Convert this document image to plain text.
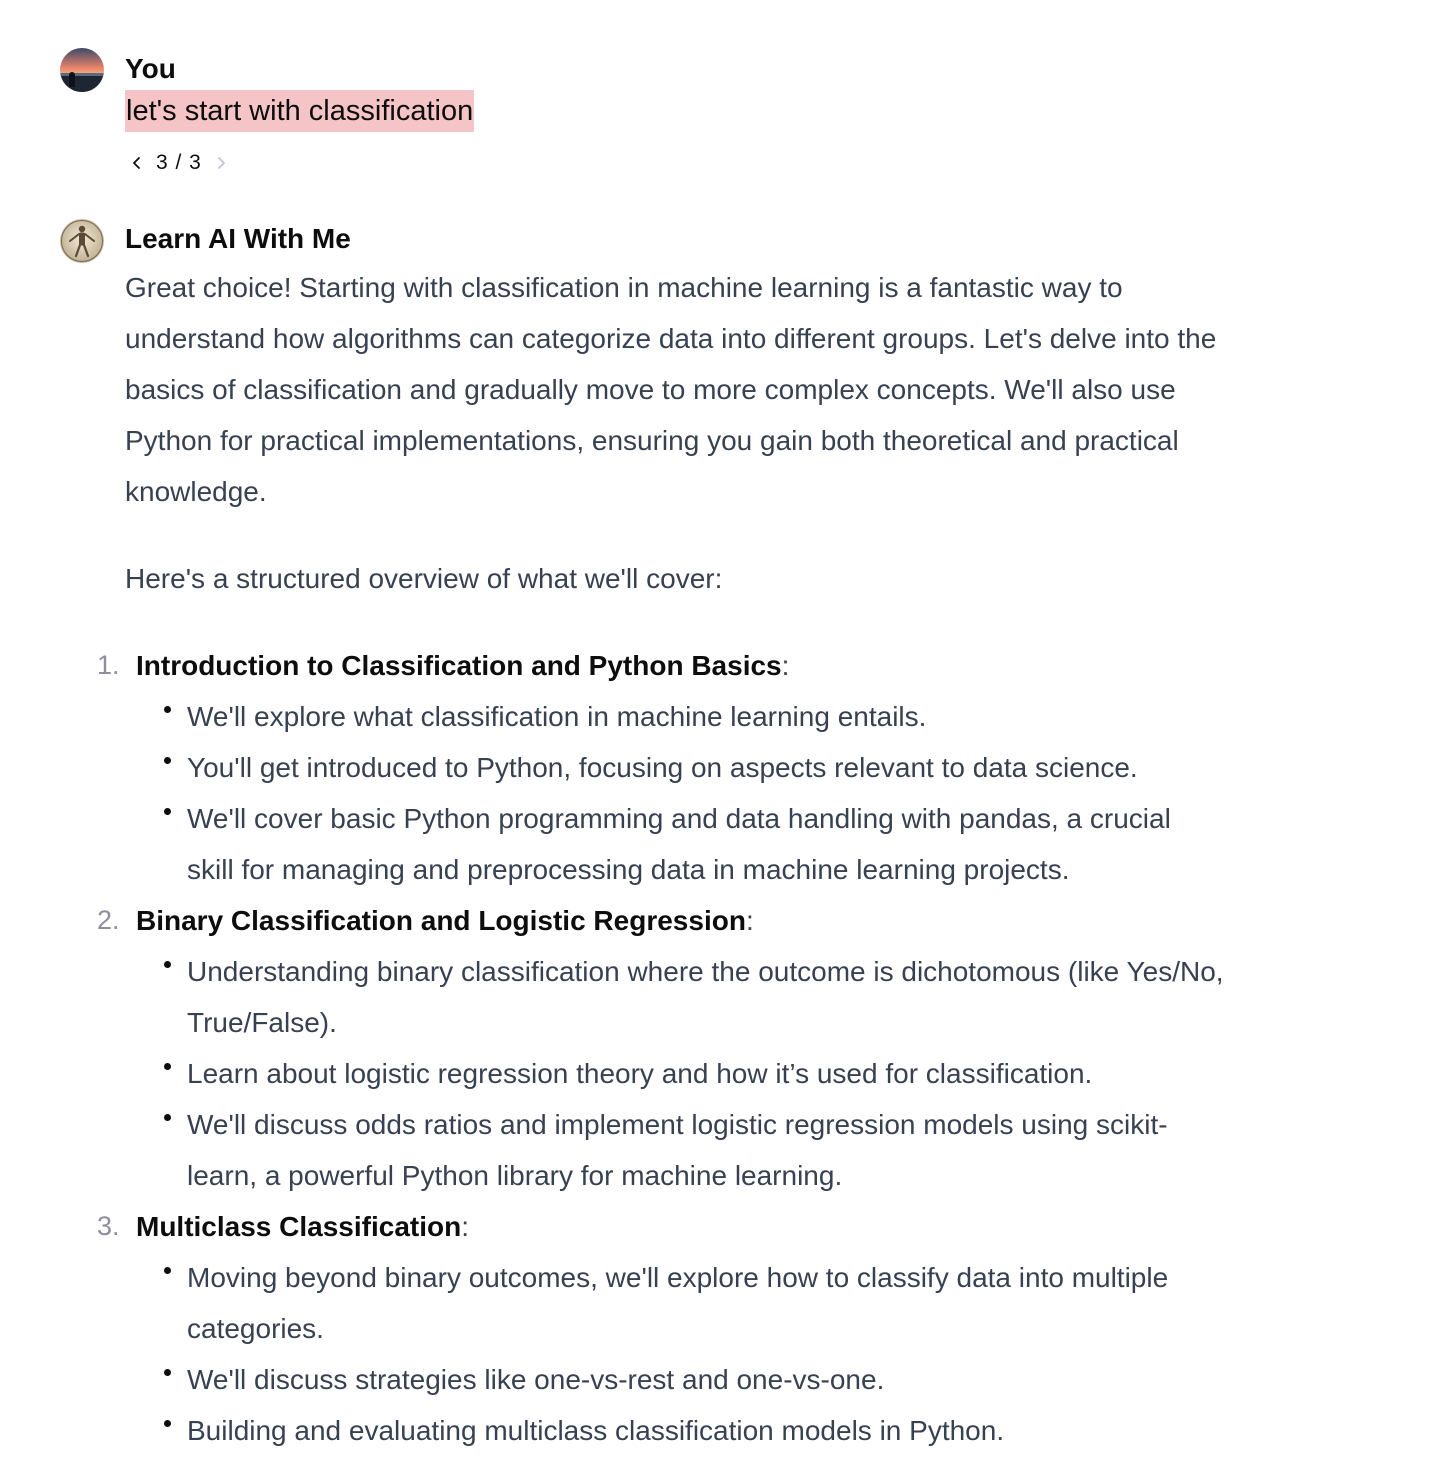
You
let's start with classification
3 / 3
Learn AI With Me

Great choice! Starting with classification in machine learning is a fantastic way to understand how algorithms can categorize data into different groups. Let's delve into the basics of classification and gradually move to more complex concepts. We'll also use Python for practical implementations, ensuring you gain both theoretical and practical knowledge.

Here's a structured overview of what we'll cover:

1. Introduction to Classification and Python Basics:
We'll explore what classification in machine learning entails.
You'll get introduced to Python, focusing on aspects relevant to data science.
We'll cover basic Python programming and data handling with pandas, a crucial skill for managing and preprocessing data in machine learning projects.
2. Binary Classification and Logistic Regression:
Understanding binary classification where the outcome is dichotomous (like Yes/No, True/False).
Learn about logistic regression theory and how it’s used for classification.
We'll discuss odds ratios and implement logistic regression models using scikit-learn, a powerful Python library for machine learning.
3. Multiclass Classification:
Moving beyond binary outcomes, we'll explore how to classify data into multiple categories.
We'll discuss strategies like one-vs-rest and one-vs-one.
Building and evaluating multiclass classification models in Python.
